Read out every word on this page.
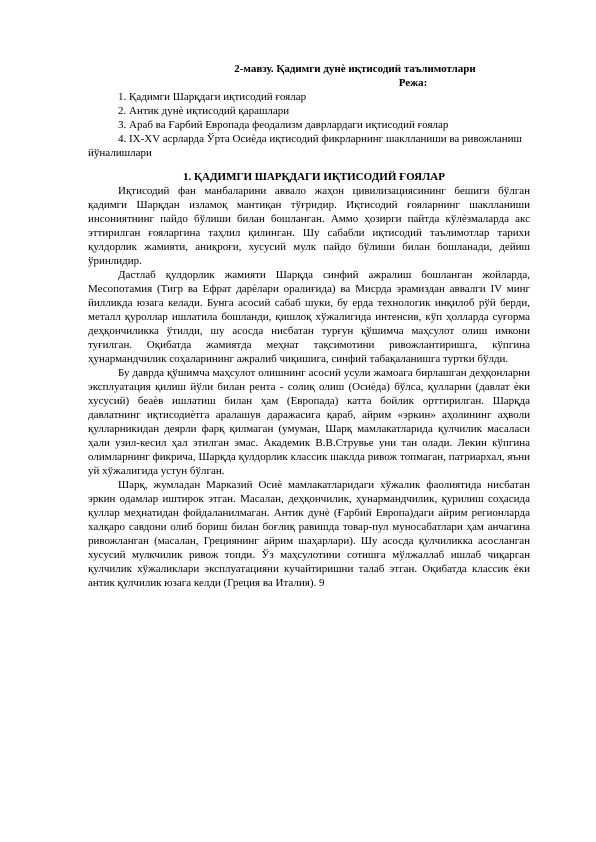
2-мавзу. Қадимги дунѐ иқтисодий таълимотлари
Режа:
1. Қадимги Шарқдаги иқтисодий ғоялар
2. Антик дунѐ иқтисодий қарашлари
3. Араб ва Ғарбий Европада феодализм даврлардаги иқтисодий ғоялар
4. IX-XV асрларда Ўрта Осиѐда иқтисодий фикрларнинг шаклланиши ва ривожланиш йўналишлари
1. ҚАДИМГИ ШАРҚДАГИ ИҚТИСОДИЙ ҒОЯЛАР
Иқтисодий фан манбаларини аввало жаҳон цивилизациясининг бешиги бўлган қадимги Шарқдан изламоқ мантиқан тўғридир. Иқтисодий ғояларнинг шаклланиши инсониятнинг пайдо бўлиши билан бошланган. Аммо ҳозирги пайтда кўлѐзмаларда акс эттирилган ғояларгина таҳлил қилинган. Шу сабабли иқтисодий таълимотлар тарихи қулдорлик жамияти, аниқроғи, хусусий мулк пайдо бўлиши билан бошланади, дейиш ўринлидир.
Дастлаб қулдорлик жамияти Шарқда синфий ажралиш бошланган жойларда, Месопотамия (Тигр ва Ефрат дарѐлари оралиғида) ва Мисрда эрамиздан аввалги IV минг йилликда юзага келади. Бунга асосий сабаб шуки, бу ерда технологик инқилоб рўй берди, металл қуроллар ишлатила бошланди, қишлоқ хўжалигида интенсив, кўп ҳолларда суғорма деҳқончиликка ўтилди, шу асосда нисбатан турғун қўшимча маҳсулот олиш имкони туғилган. Оқибатда жамиятда меҳнат тақсимотини ривожлантиришга, кўпгина ҳунармандчилик соҳаларининг ажралиб чиқишига, синфий табақаланишга туртки бўлди.
Бу даврда қўшимча маҳсулот олишнинг асосий усули жамоага бирлашган деҳқонларни эксплуатация қилиш йўли билан рента - солиқ олиш (Осиѐда) бўлса, қулларни (давлат ѐки хусусий) беаѐв ишлатиш билан ҳам (Европада) катта бойлик орттирилган. Шарқда давлатнинг иқтисодиѐтга аралашув даражасига қараб, айрим «эркин» аҳолининг аҳволи қулларникидан деярли фарқ қилмаган (умуман, Шарқ мамлакатларида қулчилик масаласи ҳали узил-кесил ҳал этилган эмас. Академик В.В.Струвье уни тан олади. Лекин кўпгина олимларнинг фикрича, Шарқда қулдорлик классик шаклда ривож топмаган, патриархал, яъни уй хўжалигида устун бўлган.
Шарқ, жумладан Марказий Осиѐ мамлакатларидаги хўжалик фаолиятида нисбатан эркин одамлар иштирок этган. Масалан, деҳқончилик, ҳунармандчилик, қурилиш соҳасида қуллар меҳнатидан фойдаланилмаган. Антик дунѐ (Ғарбий Европа)даги айрим регионларда халқаро савдони олиб бориш билан боғлиқ равишда товар-пул муносабатлари ҳам анчагина ривожланган (масалан, Грециянинг айрим шаҳарлари). Шу асосда қулчиликка асосланган хусусий мулкчилик ривож топди. Ўз маҳсулотини сотишга мўлжаллаб ишлаб чиқарган қулчилик хўжаликлари эксплуатацияни кучайтиришни талаб этган. Оқибатда классик ѐки антик қулчилик юзага келди (Греция ва Италия). 9
